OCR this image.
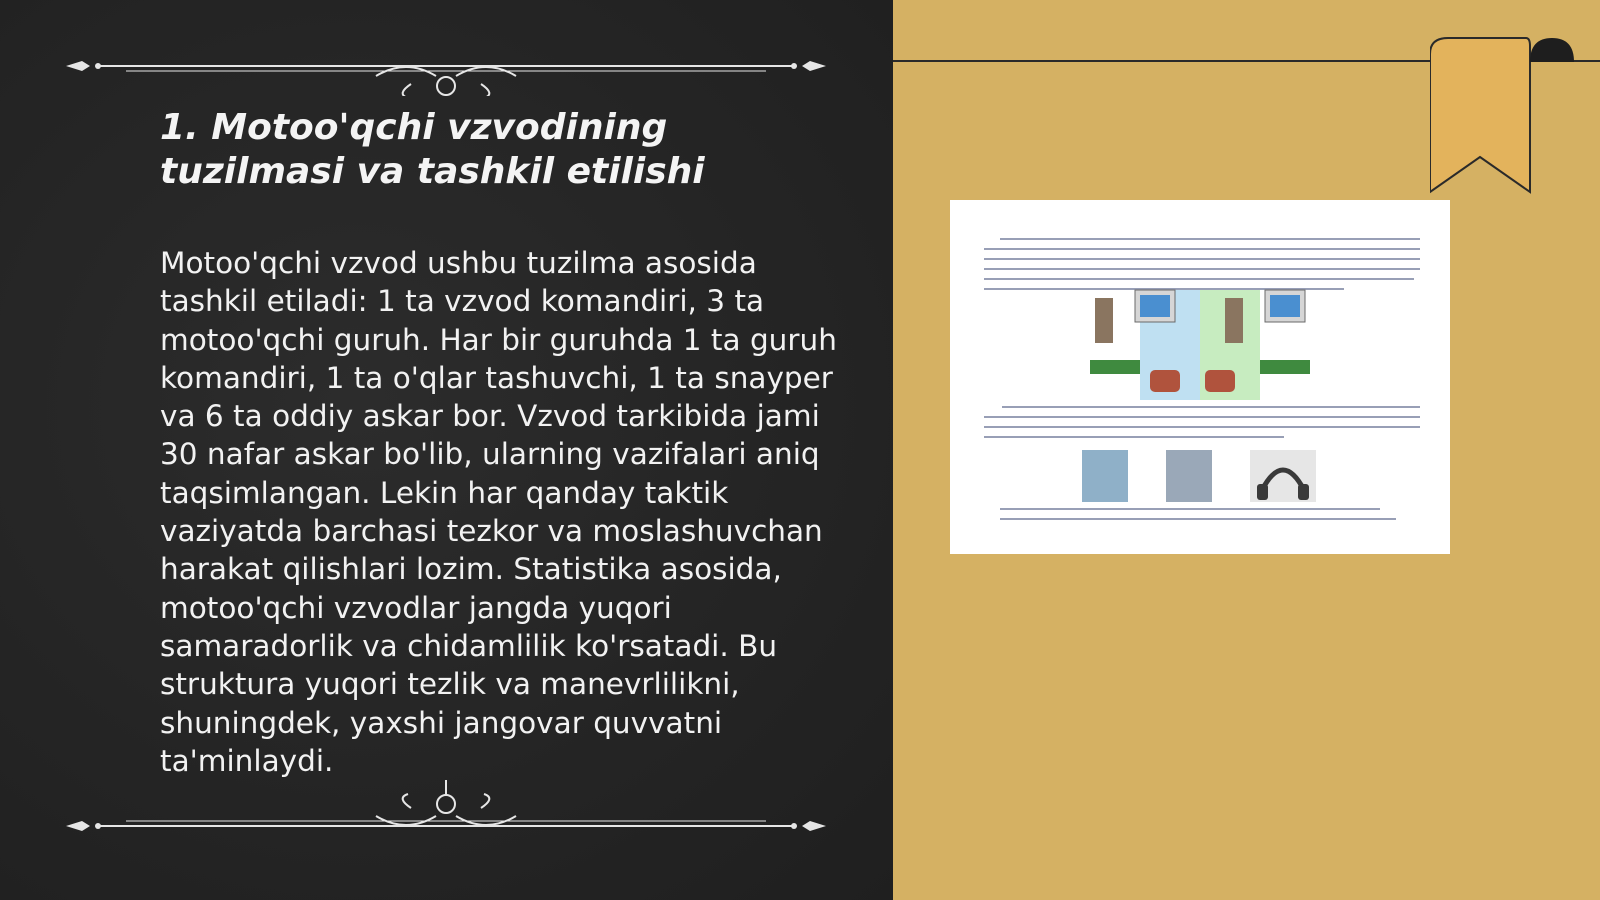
1. Motoo'qchi vzvodining tuzilmasi va tashkil etilishi

Motoo'qchi vzvod ushbu tuzilma asosida tashkil etiladi: 1 ta vzvod komandiri, 3 ta motoo'qchi guruh. Har bir guruhda 1 ta guruh komandiri, 1 ta o'qlar tashuvchi, 1 ta snayper va 6 ta oddiy askar bor. Vzvod tarkibida jami 30 nafar askar bo'lib, ularning vazifalari aniq taqsimlangan. Lekin har qanday taktik vaziyatda barchasi tezkor va moslashuvchan harakat qilishlari lozim. Statistika asosida, motoo'qchi vzvodlar jangda yuqori samaradorlik va chidamlilik ko'rsatadi. Bu struktura yuqori tezlik va manevrlilikni, shuningdek, yaxshi jangovar quvvatni ta'minlaydi.
